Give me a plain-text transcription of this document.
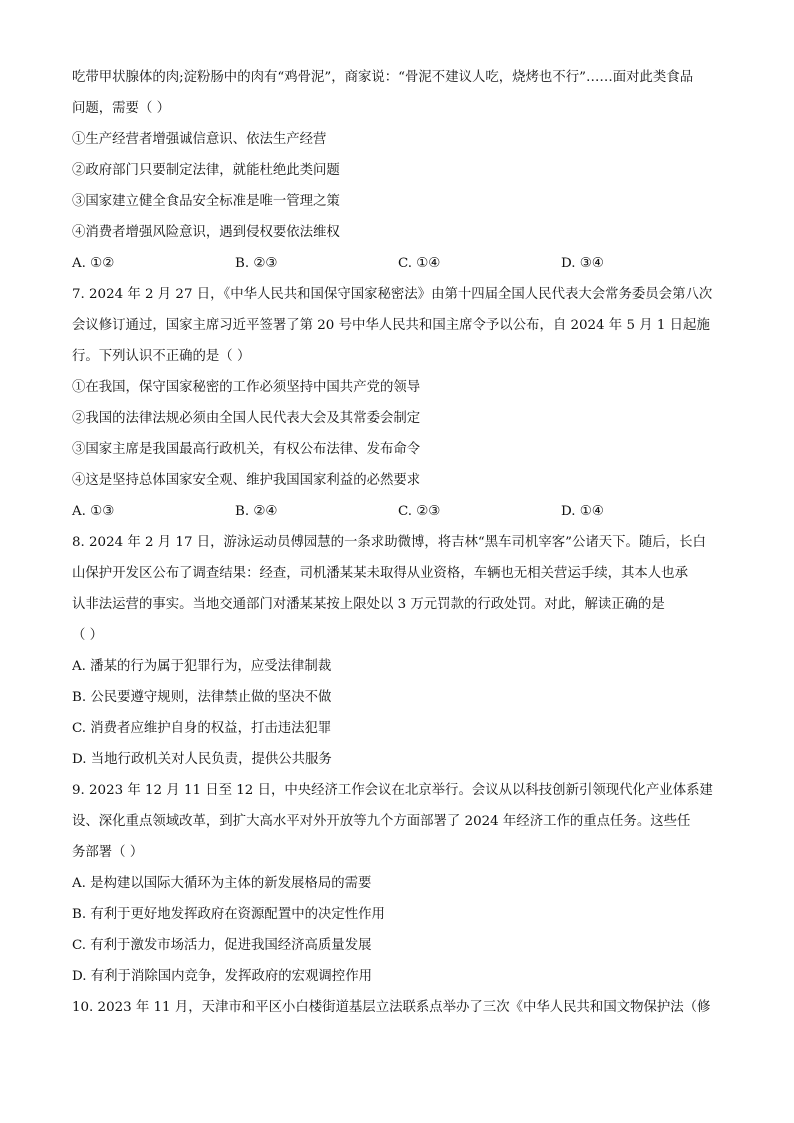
吃带甲状腺体的肉;淀粉肠中的肉有“鸡骨泥”，商家说：“骨泥不建议人吃，烧烤也不行”……面对此类食品
问题，需要（ ）
①生产经营者增强诚信意识、依法生产经营
②政府部门只要制定法律，就能杜绝此类问题
③国家建立健全食品安全标准是唯一管理之策
④消费者增强风险意识，遇到侵权要依法维权
A. ①②	B. ②③	C. ①④	D. ③④
7. 2024 年 2 月 27 日，《中华人民共和国保守国家秘密法》由第十四届全国人民代表大会常务委员会第八次
会议修订通过，国家主席习近平签署了第 20 号中华人民共和国主席令予以公布，自 2024 年 5 月 1 日起施
行。下列认识不正确的是（ ）
①在我国，保守国家秘密的工作必须坚持中国共产党的领导
②我国的法律法规必须由全国人民代表大会及其常委会制定
③国家主席是我国最高行政机关，有权公布法律、发布命令
④这是坚持总体国家安全观、维护我国国家利益的必然要求
A. ①③	B. ②④	C. ②③	D. ①④
8. 2024 年 2 月 17 日，游泳运动员傅园慧的一条求助微博，将吉林“黑车司机宰客”公诸天下。随后，长白
山保护开发区公布了调查结果：经查，司机潘某某未取得从业资格，车辆也无相关营运手续，其本人也承
认非法运营的事实。当地交通部门对潘某某按上限处以 3 万元罚款的行政处罚。对此，解读正确的是
（ ）
A. 潘某的行为属于犯罪行为，应受法律制裁
B. 公民要遵守规则，法律禁止做的坚决不做
C. 消费者应维护自身的权益，打击违法犯罪
D. 当地行政机关对人民负责，提供公共服务
9. 2023 年 12 月 11 日至 12 日，中央经济工作会议在北京举行。会议从以科技创新引领现代化产业体系建
设、深化重点领域改革，到扩大高水平对外开放等九个方面部署了 2024 年经济工作的重点任务。这些任
务部署（ ）
A. 是构建以国际大循环为主体的新发展格局的需要
B. 有利于更好地发挥政府在资源配置中的决定性作用
C. 有利于激发市场活力，促进我国经济高质量发展
D. 有利于消除国内竞争，发挥政府的宏观调控作用
10. 2023 年 11 月，天津市和平区小白楼街道基层立法联系点举办了三次《中华人民共和国文物保护法（修
